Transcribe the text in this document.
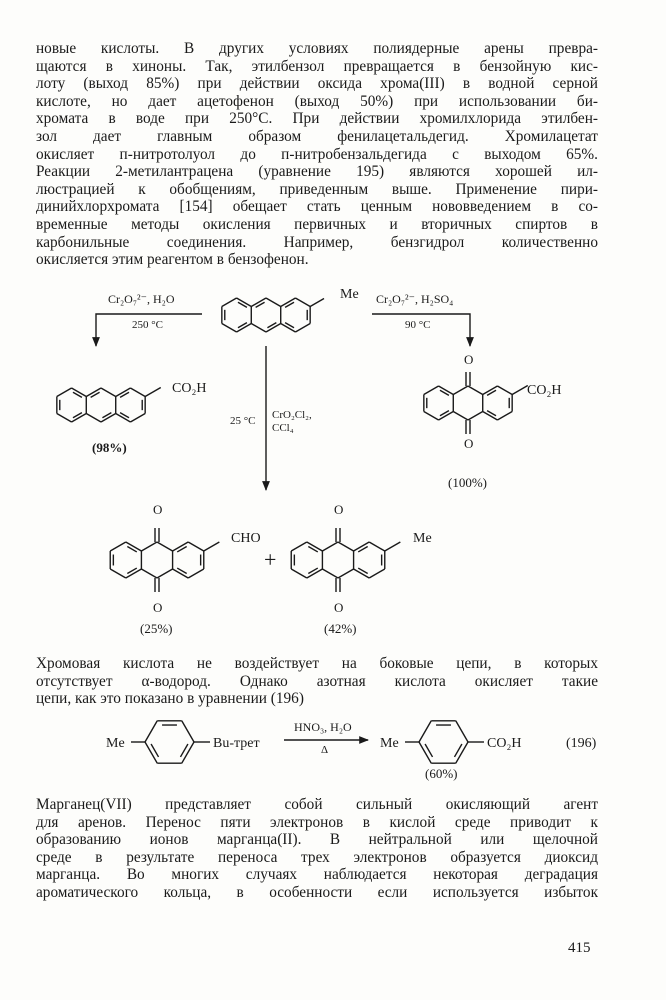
новые кислоты. В других условиях полиядерные арены превра-
щаются в хиноны. Так, этилбензол превращается в бензойную кис-
лоту (выход 85%) при действии оксида хрома(III) в водной серной
кислоте, но дает ацетофенон (выход 50%) при использовании би-
хромата в воде при 250°С. При действии хромилхлорида этилбен-
зол дает главным образом фенилацетальдегид. Хромилацетат
окисляет п-нитротолуол до п-нитробензальдегида с выходом 65%.
Реакции 2-метилантрацена (уравнение 195) являются хорошей ил-
люстрацией к обобщениям, приведенным выше. Применение пири-
динийхлорхромата [154] обещает стать ценным нововведением в со-
временные методы окисления первичных и вторичных спиртов в
карбонильные соединения. Например, бензгидрол количественно
окисляется этим реагентом в бензофенон.
Me
Cr₂O₇²⁻, H₂O
250 °C
Cr₂O₇²⁻, H₂SO₄
90 °C
25 °C CrO₂Cl₂,
CCl₄
CO₂H
(98%)
O
O
CO₂H
(100%)
O
O
CHO
(25%)
+
O
O
Me
(42%)
Me	Bu-трет
HNO₃, H₂O
Δ	Me	CO₂H
(60%)
(196)
Хромовая кислота не воздействует на боковые цепи, в которых
отсутствует α-водород. Однако азотная кислота окисляет такие
цепи, как это показано в уравнении (196)
Марганец(VII) представляет собой сильный окисляющий агент
для аренов. Перенос пяти электронов в кислой среде приводит к
образованию ионов марганца(II). В нейтральной или щелочной
среде в результате переноса трех электронов образуется диоксид
марганца. Во многих случаях наблюдается некоторая деградация
ароматического кольца, в особенности если используется избыток
415
